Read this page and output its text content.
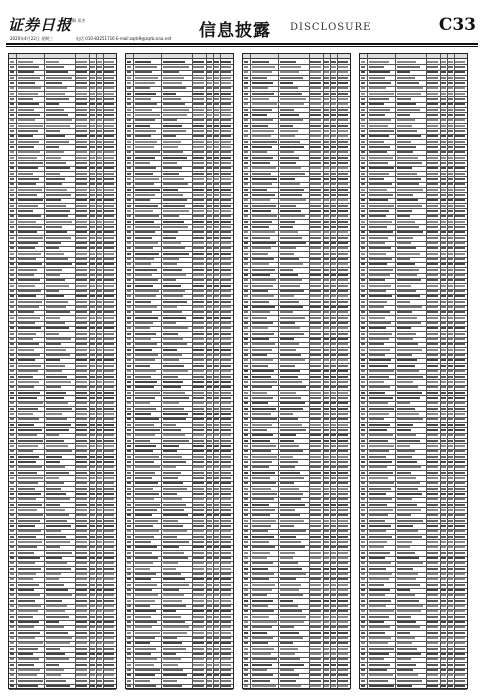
证券日报
编辑 邓杰
2020年4月22日 星期三	电话 010-83251716 E-mail:zqrb9@zqrb.sina.net 信息披露 DISCLOSURE	C33
